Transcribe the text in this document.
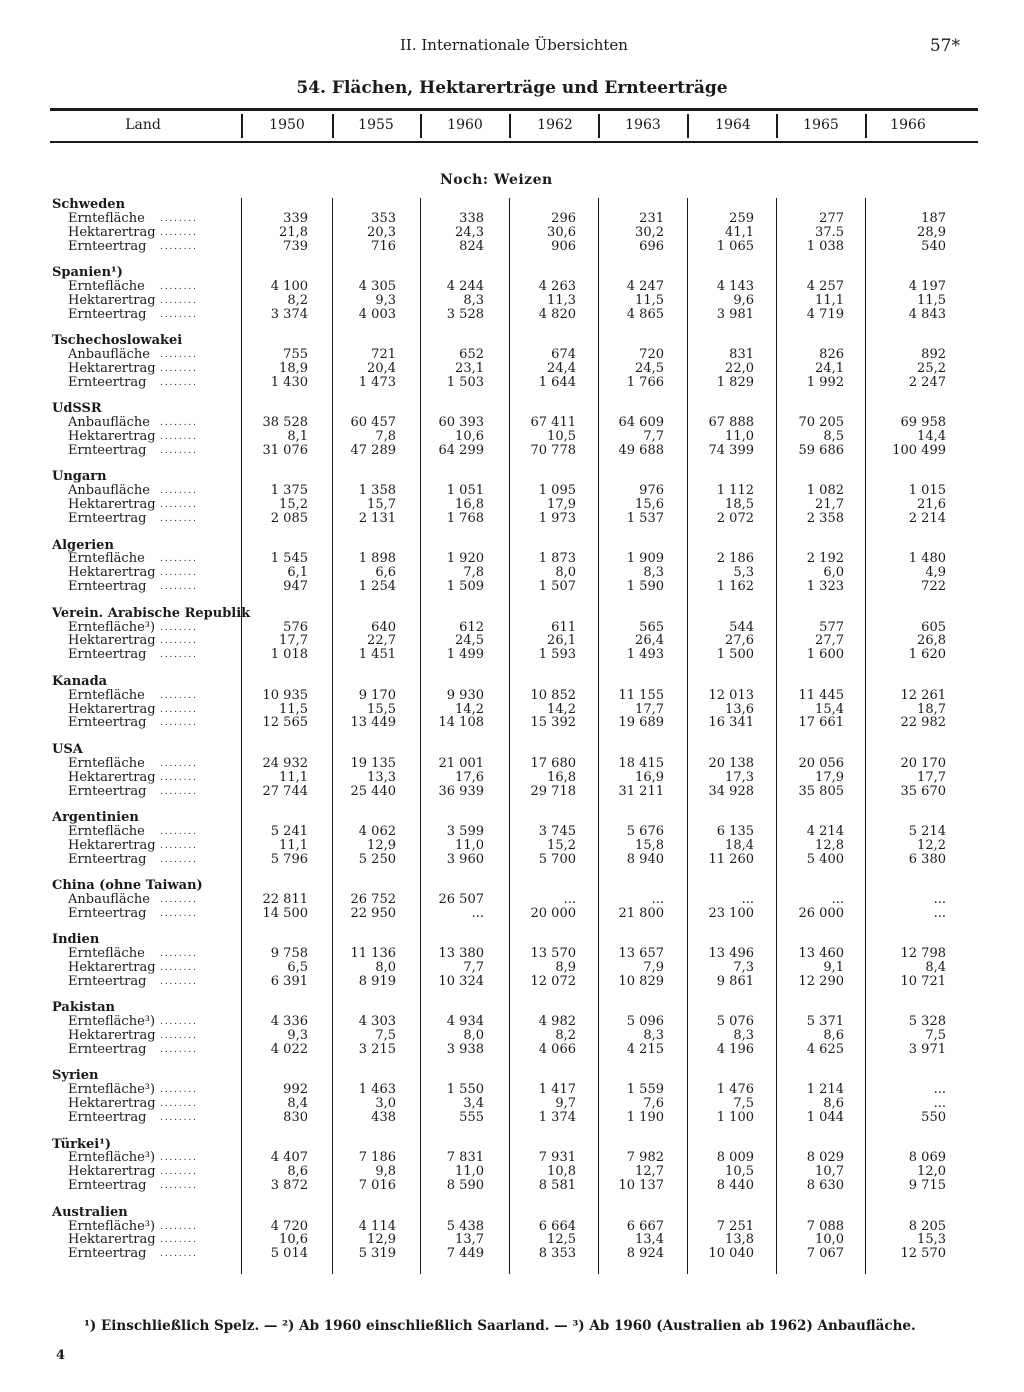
II. Internationale Übersichten	57*
54. Flächen, Hektarerträge und Ernteerträge
Land	1950	1955	1960	1962	1963	1964	1965	1966
Noch: Weizen
Schweden
Erntefläche . . . . . . . .	339	353	338	296	231	259	277	187
Hektarertrag . . . . . . . .	21,8	20,3	24,3	30,6	30,2	41,1	37.5	28,9
Ernteertrag . . . . . . . .	739	716	824	906	696	1 065	1 038	540
Spanien¹)
Erntefläche . . . . . . . .	4 100	4 305	4 244	4 263	4 247	4 143	4 257	4 197
Hektarertrag . . . . . . . .	8,2	9,3	8,3	11,3	11,5	9,6	11,1	11,5
Ernteertrag . . . . . . . .	3 374	4 003	3 528	4 820	4 865	3 981	4 719	4 843
Tschechoslowakei
Anbaufläche . . . . . . . .	755	721	652	674	720	831	826	892
Hektarertrag . . . . . . . .	18,9	20,4	23,1	24,4	24,5	22,0	24,1	25,2
Ernteertrag . . . . . . . .	1 430	1 473	1 503	1 644	1 766	1 829	1 992	2 247
UdSSR
Anbaufläche . . . . . . . .	38 528	60 457	60 393	67 411	64 609	67 888	70 205	69 958
Hektarertrag . . . . . . . .	8,1	7,8	10,6	10,5	7,7	11,0	8,5	14,4
Ernteertrag . . . . . . . .	31 076	47 289	64 299	70 778	49 688	74 399	59 686	100 499
Ungarn
Anbaufläche . . . . . . . .	1 375	1 358	1 051	1 095	976	1 112	1 082	1 015
Hektarertrag . . . . . . . .	15,2	15,7	16,8	17,9	15,6	18,5	21,7	21,6
Ernteertrag . . . . . . . .	2 085	2 131	1 768	1 973	1 537	2 072	2 358	2 214
Algerien
Erntefläche . . . . . . . .	1 545	1 898	1 920	1 873	1 909	2 186	2 192	1 480
Hektarertrag . . . . . . . .	6,1	6,6	7,8	8,0	8,3	5,3	6,0	4,9
Ernteertrag . . . . . . . .	947	1 254	1 509	1 507	1 590	1 162	1 323	722
Verein. Arabische Republik
Erntefläche³) . . . . . . . .	576	640	612	611	565	544	577	605
Hektarertrag . . . . . . . .	17,7	22,7	24,5	26,1	26,4	27,6	27,7	26,8
Ernteertrag . . . . . . . .	1 018	1 451	1 499	1 593	1 493	1 500	1 600	1 620
Kanada
Erntefläche . . . . . . . .	10 935	9 170	9 930	10 852	11 155	12 013	11 445	12 261
Hektarertrag . . . . . . . .	11,5	15,5	14,2	14,2	17,7	13,6	15,4	18,7
Ernteertrag . . . . . . . .	12 565	13 449	14 108	15 392	19 689	16 341	17 661	22 982
USA
Erntefläche . . . . . . . .	24 932	19 135	21 001	17 680	18 415	20 138	20 056	20 170
Hektarertrag . . . . . . . .	11,1	13,3	17,6	16,8	16,9	17,3	17,9	17,7
Ernteertrag . . . . . . . .	27 744	25 440	36 939	29 718	31 211	34 928	35 805	35 670
Argentinien
Erntefläche . . . . . . . .	5 241	4 062	3 599	3 745	5 676	6 135	4 214	5 214
Hektarertrag . . . . . . . .	11,1	12,9	11,0	15,2	15,8	18,4	12,8	12,2
Ernteertrag . . . . . . . .	5 796	5 250	3 960	5 700	8 940	11 260	5 400	6 380
China (ohne Taiwan)
Anbaufläche . . . . . . . .	22 811	26 752	26 507	...	...	...	...	...
Ernteertrag . . . . . . . .	14 500	22 950	...	20 000	21 800	23 100	26 000	...
Indien
Erntefläche . . . . . . . .	9 758	11 136	13 380	13 570	13 657	13 496	13 460	12 798
Hektarertrag . . . . . . . .	6,5	8,0	7,7	8,9	7,9	7,3	9,1	8,4
Ernteertrag . . . . . . . .	6 391	8 919	10 324	12 072	10 829	9 861	12 290	10 721
Pakistan
Erntefläche³) . . . . . . . .	4 336	4 303	4 934	4 982	5 096	5 076	5 371	5 328
Hektarertrag . . . . . . . .	9,3	7,5	8,0	8,2	8,3	8,3	8,6	7,5
Ernteertrag . . . . . . . .	4 022	3 215	3 938	4 066	4 215	4 196	4 625	3 971
Syrien
Erntefläche³) . . . . . . . .	992	1 463	1 550	1 417	1 559	1 476	1 214	...
Hektarertrag . . . . . . . .	8,4	3,0	3,4	9,7	7,6	7,5	8,6	...
Ernteertrag . . . . . . . .	830	438	555	1 374	1 190	1 100	1 044	550
Türkei¹)
Erntefläche³) . . . . . . . .	4 407	7 186	7 831	7 931	7 982	8 009	8 029	8 069
Hektarertrag . . . . . . . .	8,6	9,8	11,0	10,8	12,7	10,5	10,7	12,0
Ernteertrag . . . . . . . .	3 872	7 016	8 590	8 581	10 137	8 440	8 630	9 715
Australien
Erntefläche³) . . . . . . . .	4 720	4 114	5 438	6 664	6 667	7 251	7 088	8 205
Hektarertrag . . . . . . . .	10,6	12,9	13,7	12,5	13,4	13,8	10,0	15,3
Ernteertrag . . . . . . . .	5 014	5 319	7 449	8 353	8 924	10 040	7 067	12 570
¹) Einschließlich Spelz. — ²) Ab 1960 einschließlich Saarland. — ³) Ab 1960 (Australien ab 1962) Anbaufläche.
4
